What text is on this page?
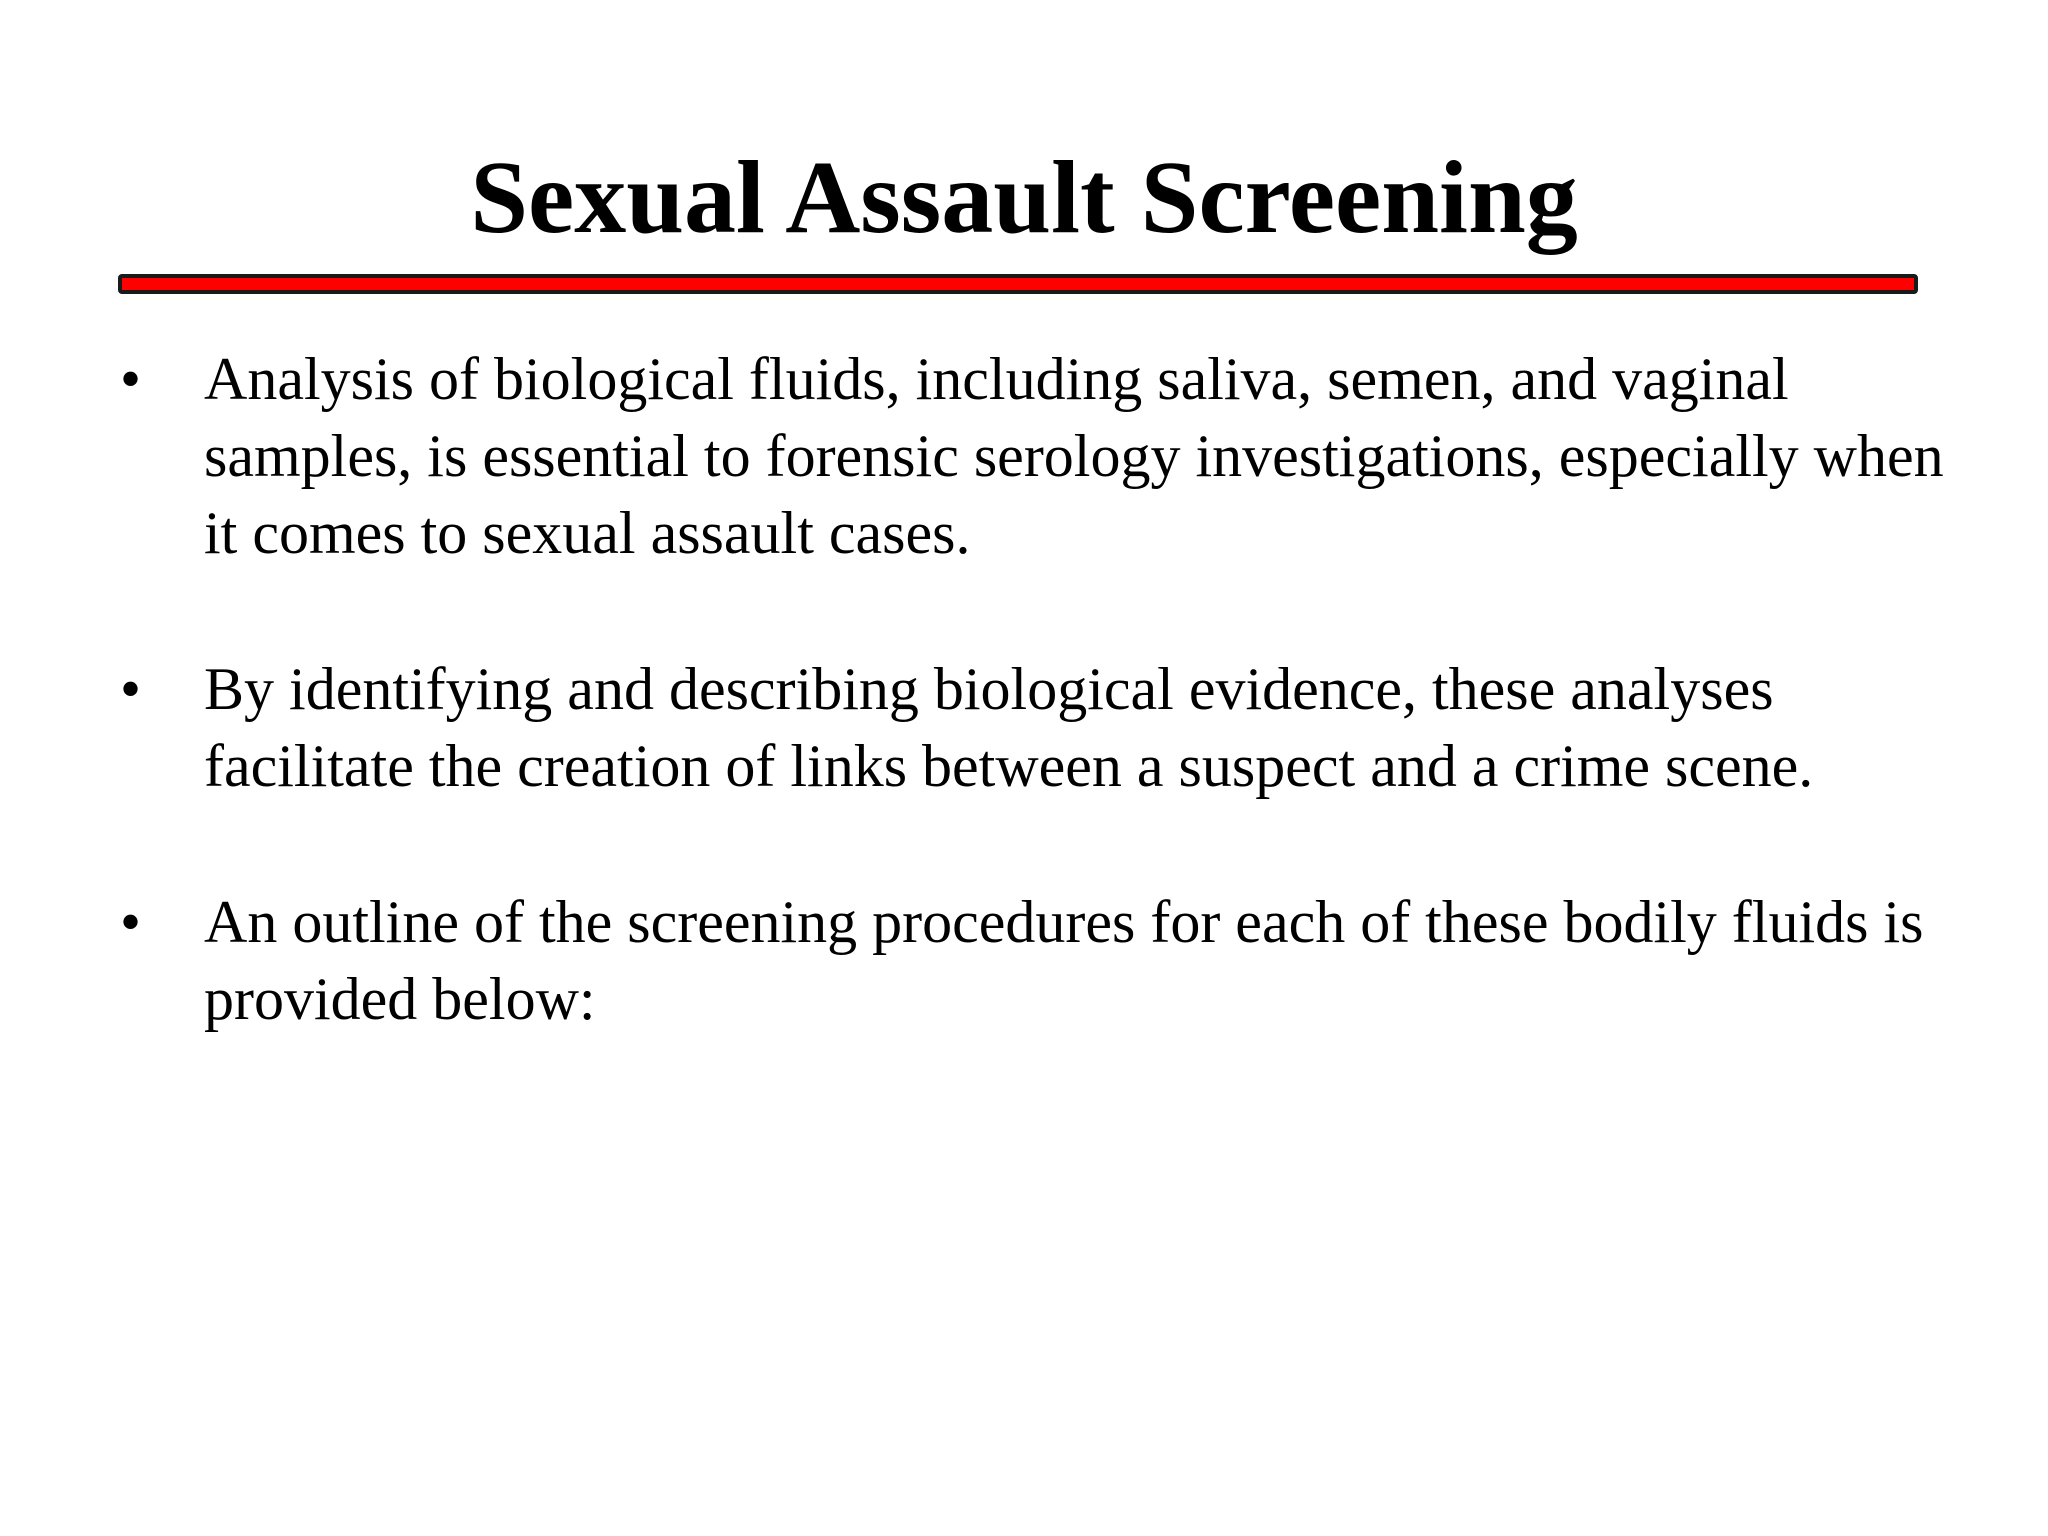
Sexual Assault Screening
•	Analysis of biological fluids, including saliva, semen, and vaginal samples, is essential to forensic serology investigations, especially when it comes to sexual assault cases.
•	By identifying and describing biological evidence, these analyses facilitate the creation of links between a suspect and a crime scene.
•	An outline of the screening procedures for each of these bodily fluids is provided below:
